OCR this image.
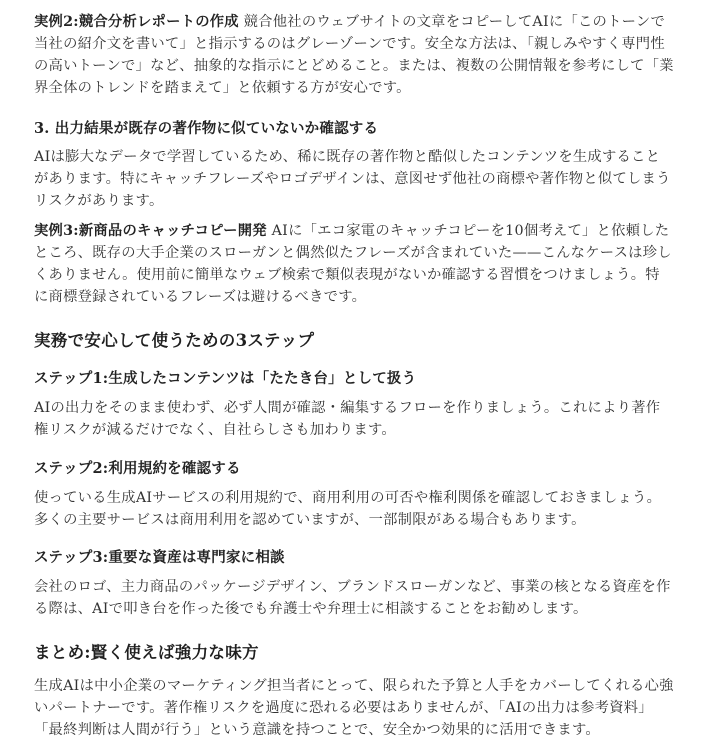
実例2:競合分析レポートの作成 競合他社のウェブサイトの文章をコピーしてAIに「このトーンで当社の紹介文を書いて」と指示するのはグレーゾーンです。安全な方法は、「親しみやすく専門性の高いトーンで」など、抽象的な指示にとどめること。または、複数の公開情報を参考にして「業界全体のトレンドを踏まえて」と依頼する方が安心です。

3. 出力結果が既存の著作物に似ていないか確認する

AIは膨大なデータで学習しているため、稀に既存の著作物と酷似したコンテンツを生成することがあります。特にキャッチフレーズやロゴデザインは、意図せず他社の商標や著作物と似てしまうリスクがあります。

実例3:新商品のキャッチコピー開発 AIに「エコ家電のキャッチコピーを10個考えて」と依頼したところ、既存の大手企業のスローガンと偶然似たフレーズが含まれていた——こんなケースは珍しくありません。使用前に簡単なウェブ検索で類似表現がないか確認する習慣をつけましょう。特に商標登録されているフレーズは避けるべきです。

実務で安心して使うための3ステップ
ステップ1:生成したコンテンツは「たたき台」として扱う

AIの出力をそのまま使わず、必ず人間が確認・編集するフローを作りましょう。これにより著作権リスクが減るだけでなく、自社らしさも加わります。

ステップ2:利用規約を確認する

使っている生成AIサービスの利用規約で、商用利用の可否や権利関係を確認しておきましょう。多くの主要サービスは商用利用を認めていますが、一部制限がある場合もあります。

ステップ3:重要な資産は専門家に相談

会社のロゴ、主力商品のパッケージデザイン、ブランドスローガンなど、事業の核となる資産を作る際は、AIで叩き台を作った後でも弁護士や弁理士に相談することをお勧めします。

まとめ:賢く使えば強力な味方

生成AIは中小企業のマーケティング担当者にとって、限られた予算と人手をカバーしてくれる心強いパートナーです。著作権リスクを過度に恐れる必要はありませんが、「AIの出力は参考資料」「最終判断は人間が行う」という意識を持つことで、安全かつ効果的に活用できます。
